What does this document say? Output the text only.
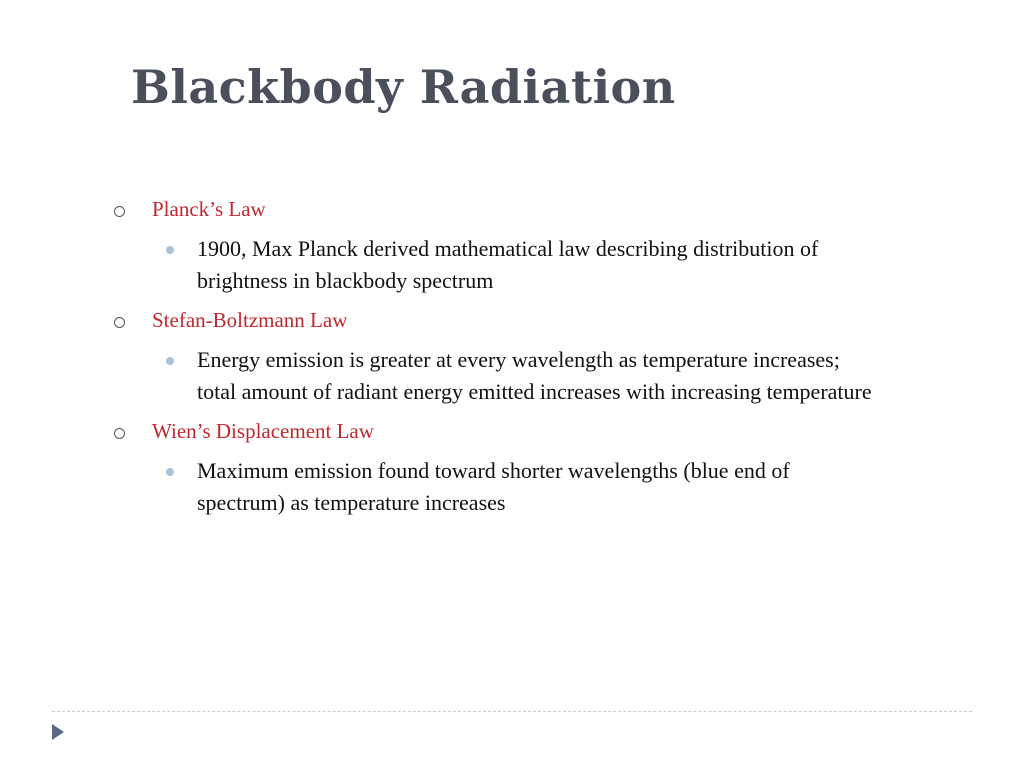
Blackbody Radiation
Planck’s Law
1900, Max Planck derived mathematical law describing distribution of
brightness in blackbody spectrum
Stefan-Boltzmann Law
Energy emission is greater at every wavelength as temperature increases;
total amount of radiant energy emitted increases with increasing temperature
Wien’s Displacement Law
Maximum emission found toward shorter wavelengths (blue end of
spectrum) as temperature increases
